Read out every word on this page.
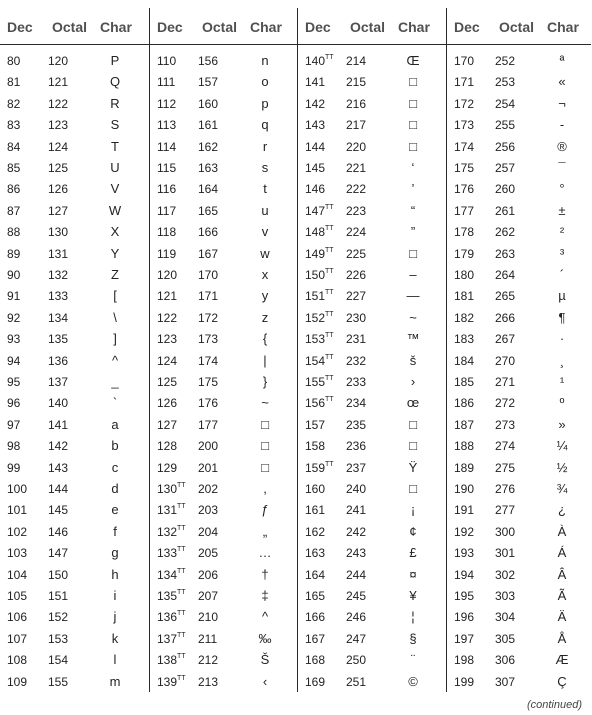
Dec Octal Char
80 120	P
81 121	Q
82 122	R
83 123	S
84 124	T
85 125	U
86 126	V
87 127	W
88 130	X
89 131	Y
90 132	Z
91 133	[
92 134	\
93 135	]
94 136	^
95 137	_
96 140	`
97 141	a
98 142	b
99 143	c
100 144	d
101 145	e
102 146	f
103 147	g
104 150	h
105 151	i
106 152	j
107 153	k
108 154	l
109 155	m
Dec Octal Char
110 156	n
111 157	o
112 160	p
113 161	q
114 162	r
115 163	s
116 164	t
117 165	u
118 166	v
119 167	w
120 170	x
121 171	y
122 172	z
123 173	{
124 174	|
125 175	}
126 176	~
127 177	□
128 200	□
129 201	□
$130^{TT}$ 202	,
$131^{TT}$ 203	ƒ
$132^{TT}$ 204	„
$133^{TT}$ 205	…
$134^{TT}$ 206	†
$135^{TT}$ 207	‡
$136^{TT}$ 210	^
$137^{TT}$ 211	‰
$138^{TT}$ 212	Š
$139^{TT}$ 213	‹
Dec Octal Char
$140^{TT}$ 214	Œ
141 215	□
142 216	□
143 217	□
144 220	□
145 221	‘
146 222	’
$147^{TT}$ 223	“
$148^{TT}$ 224	”
$149^{TT}$ 225	□
$150^{TT}$ 226	–
$151^{TT}$ 227	—
$152^{TT}$ 230	~
$153^{TT}$ 231	™
$154^{TT}$ 232	š
$155^{TT}$ 233	›
$156^{TT}$ 234	œ
157 235	□
158 236	□
$159^{TT}$ 237	Ÿ
160 240	□
161 241	¡
162 242	¢
163 243	£
164 244	¤
165 245	¥
166 246	¦
167 247	§
168 250	¨
169 251	©
Dec Octal Char
170 252	ª
171 253	«
172 254	¬
173 255	-
174 256	®
175 257	¯
176 260	°
177 261	±
178 262	²
179 263	³
180 264	´
181 265	µ
182 266	¶
183 267	·
184 270	¸
185 271	¹
186 272	º
187 273	»
188 274	¼
189 275	½
190 276	¾
191 277	¿
192 300	À
193 301	Á
194 302	Â
195 303	Ã
196 304	Ä
197 305	Å
198 306	Æ
199 307	Ç
(continued)
